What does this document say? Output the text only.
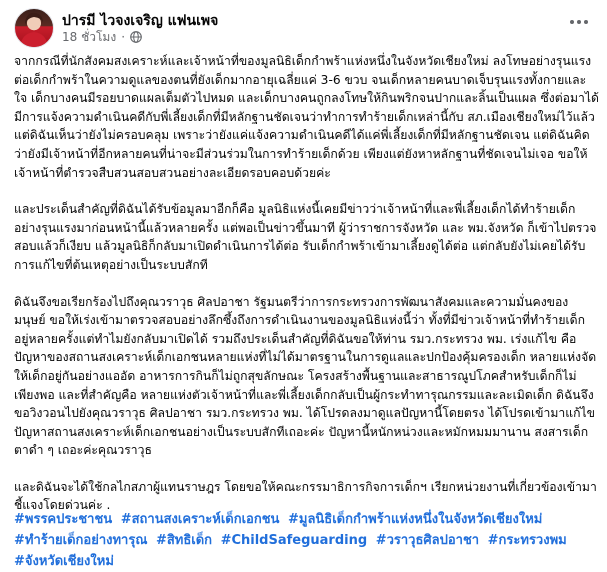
ปารมี ไวจงเจริญ แฟนเพจ
18 ชั่วโมง ·

จากกรณีที่นักสังคมสงเคราะห์และเจ้าหน้าที่ของมูลนิธิเด็กกำพร้าแห่งหนึ่งในจังหวัดเชียงใหม่ ลงโทษอย่างรุนแรงต่อเด็กกำพร้าในความดูแลของตนที่ยังเด็กมากอายุเฉลี่ยแค่ 3-6 ขวบ จนเด็กหลายคนบาดเจ็บรุนแรงทั้งกายและใจ เด็กบางคนมีรอยบาดแผลเต็มตัวไปหมด และเด็กบางคนถูกลงโทษให้กินพริกจนปากและลิ้นเป็นแผล ซึ่งต่อมาได้มีการแจ้งความดำเนินคดีกับพี่เลี้ยงเด็กที่มีหลักฐานชัดเจนว่าทำการทำร้ายเด็กเหล่านี้กับ สภ.เมืองเชียงใหม่ไว้แล้ว แต่ดิฉันเห็นว่ายังไม่ครอบคลุม เพราะว่ายังแค่แจ้งความดำเนินคดีได้แค่พี่เลี้ยงเด็กที่มีหลักฐานชัดเจน แต่ดิฉันคิดว่ายังมีเจ้าหน้าที่อีกหลายคนที่น่าจะมีส่วนร่วมในการทำร้ายเด็กด้วย เพียงแต่ยังหาหลักฐานที่ชัดเจนไม่เจอ ขอให้เจ้าหน้าที่ตำรวจสืบสวนสอบสวนอย่างละเอียดรอบคอบด้วยค่ะ

และประเด็นสำคัญที่ดิฉันได้รับข้อมูลมาอีกก็คือ มูลนิธิแห่งนี้เคยมีข่าวว่าเจ้าหน้าที่และพี่เลี้ยงเด็กได้ทำร้ายเด็กอย่างรุนแรงมาก่อนหน้านี้แล้วหลายครั้ง แต่พอเป็นข่าวขึ้นมาที ผู้ว่าราชการจังหวัด และ พม.จังหวัด ก็เข้าไปตรวจสอบแล้วก็เงียบ แล้วมูลนิธิก็กลับมาเปิดดำเนินการได้ต่อ รับเด็กกำพร้าเข้ามาเลี้ยงดูได้ต่อ แต่กลับยังไม่เคยได้รับการแก้ไขที่ต้นเหตุอย่างเป็นระบบสักที

ดิฉันจึงขอเรียกร้องไปถึงคุณวราวุธ ศิลปอาชา รัฐมนตรีว่าการกระทรวงการพัฒนาสังคมและความมั่นคงของมนุษย์ ขอให้เร่งเข้ามาตรวจสอบอย่างลึกซึ้งถึงการดำเนินงานของมูลนิธิแห่งนี้ว่า ทั้งที่มีข่าวเจ้าหน้าที่ทำร้ายเด็กอยู่หลายครั้งแต่ทำไมยังกลับมาเปิดได้ รวมถึงประเด็นสำคัญที่ดิฉันขอให้ท่าน รมว.กระทรวง พม. เร่งแก้ไข คือ ปัญหาของสถานสงเคราะห์เด็กเอกชนหลายแห่งที่ไม่ได้มาตรฐานในการดูแลและปกป้องคุ้มครองเด็ก หลายแห่งจัดให้เด็กอยู่กันอย่างแออัด อาหารการกินก็ไม่ถูกสุขลักษณะ โครงสร้างพื้นฐานและสาธารณูปโภคสำหรับเด็กก็ไม่เพียงพอ และที่สำคัญคือ หลายแห่งตัวเจ้าหน้าที่และพี่เลี้ยงเด็กกลับเป็นผู้กระทำทารุณกรรมและละเมิดเด็ก ดิฉันจึงขอวิงวอนไปยังคุณวราวุธ ศิลปอาชา รมว.กระทรวง พม. ได้โปรดลงมาดูแลปัญหานี้โดยตรง ได้โปรดเข้ามาแก้ไขปัญหาสถานสงเคราะห์เด็กเอกชนอย่างเป็นระบบสักทีเถอะค่ะ ปัญหานี้หนักหน่วงและหมักหมมมานาน สงสารเด็กตาดำ ๆ เถอะค่ะคุณวราวุธ

และดิฉันจะได้ใช้กลไกสภาผู้แทนราษฎร โดยขอให้คณะกรรมาธิการกิจการเด็กฯ เรียกหน่วยงานที่เกี่ยวข้องเข้ามาชี้แจงโดยด่วนค่ะ .

#พรรคประชาชน #สถานสงเคราะห์เด็กเอกชน #มูลนิธิเด็กกำพร้าแห่งหนึ่งในจังหวัดเชียงใหม่ #ทำร้ายเด็กอย่างทารุณ #สิทธิเด็ก #ChildSafeguarding #วราวุธศิลปอาชา #กระทรวงพม #จังหวัดเชียงใหม่
